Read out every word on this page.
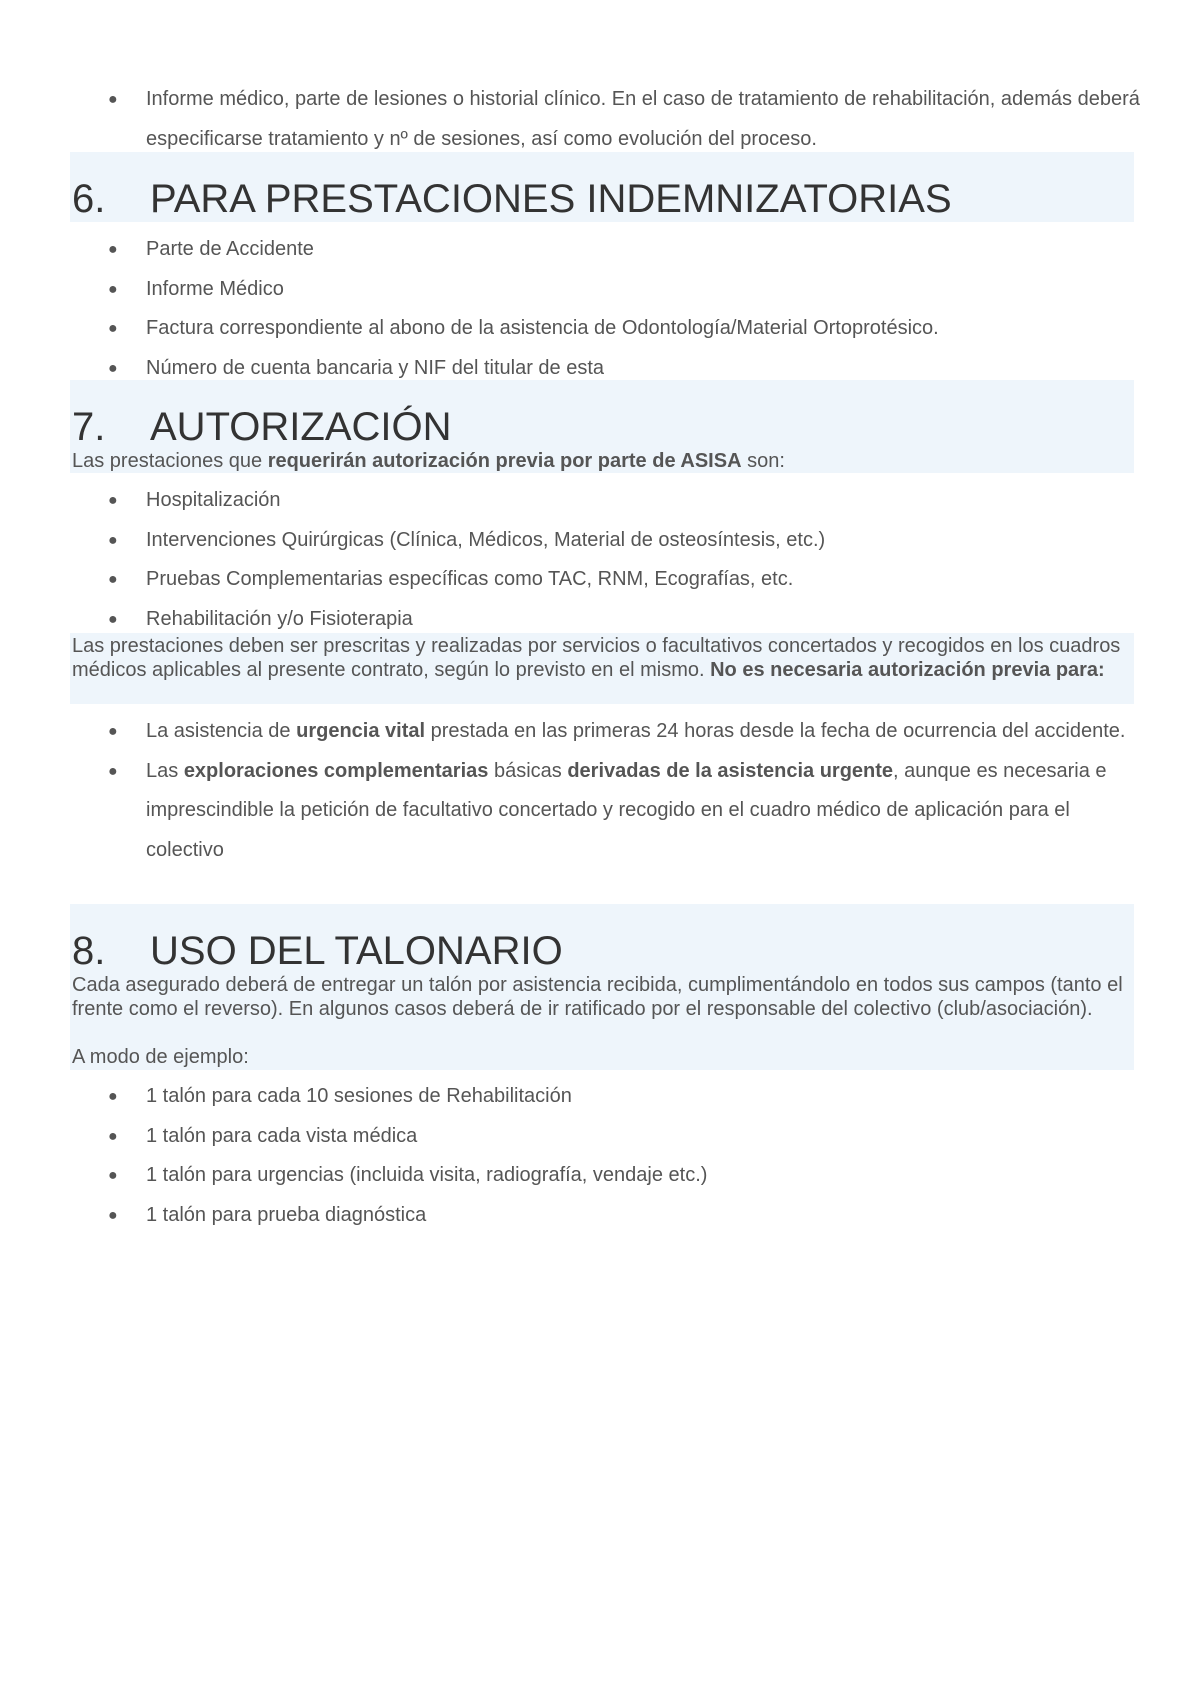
● Informe médico, parte de lesiones o historial clínico. En el caso de tratamiento de rehabilitación, además deberá especificarse tratamiento y nº de sesiones, así como evolución del proceso.
6. PARA PRESTACIONES INDEMNIZATORIAS
● Parte de Accidente
● Informe Médico
● Factura correspondiente al abono de la asistencia de Odontología/Material Ortoprotésico.
● Número de cuenta bancaria y NIF del titular de esta
7. AUTORIZACIÓN
Las prestaciones que requerirán autorización previa por parte de ASISA son:
● Hospitalización
● Intervenciones Quirúrgicas (Clínica, Médicos, Material de osteosíntesis, etc.)
● Pruebas Complementarias específicas como TAC, RNM, Ecografías, etc.
● Rehabilitación y/o Fisioterapia
Las prestaciones deben ser prescritas y realizadas por servicios o facultativos concertados y recogidos en los cuadros médicos aplicables al presente contrato, según lo previsto en el mismo. No es necesaria autorización previa para:
● La asistencia de urgencia vital prestada en las primeras 24 horas desde la fecha de ocurrencia del accidente.
● Las exploraciones complementarias básicas derivadas de la asistencia urgente, aunque es necesaria e imprescindible la petición de facultativo concertado y recogido en el cuadro médico de aplicación para el colectivo
8. USO DEL TALONARIO
Cada asegurado deberá de entregar un talón por asistencia recibida, cumplimentándolo en todos sus campos (tanto el frente como el reverso). En algunos casos deberá de ir ratificado por el responsable del colectivo (club/asociación).
A modo de ejemplo:
● 1 talón para cada 10 sesiones de Rehabilitación
● 1 talón para cada vista médica
● 1 talón para urgencias (incluida visita, radiografía, vendaje etc.)
● 1 talón para prueba diagnóstica
